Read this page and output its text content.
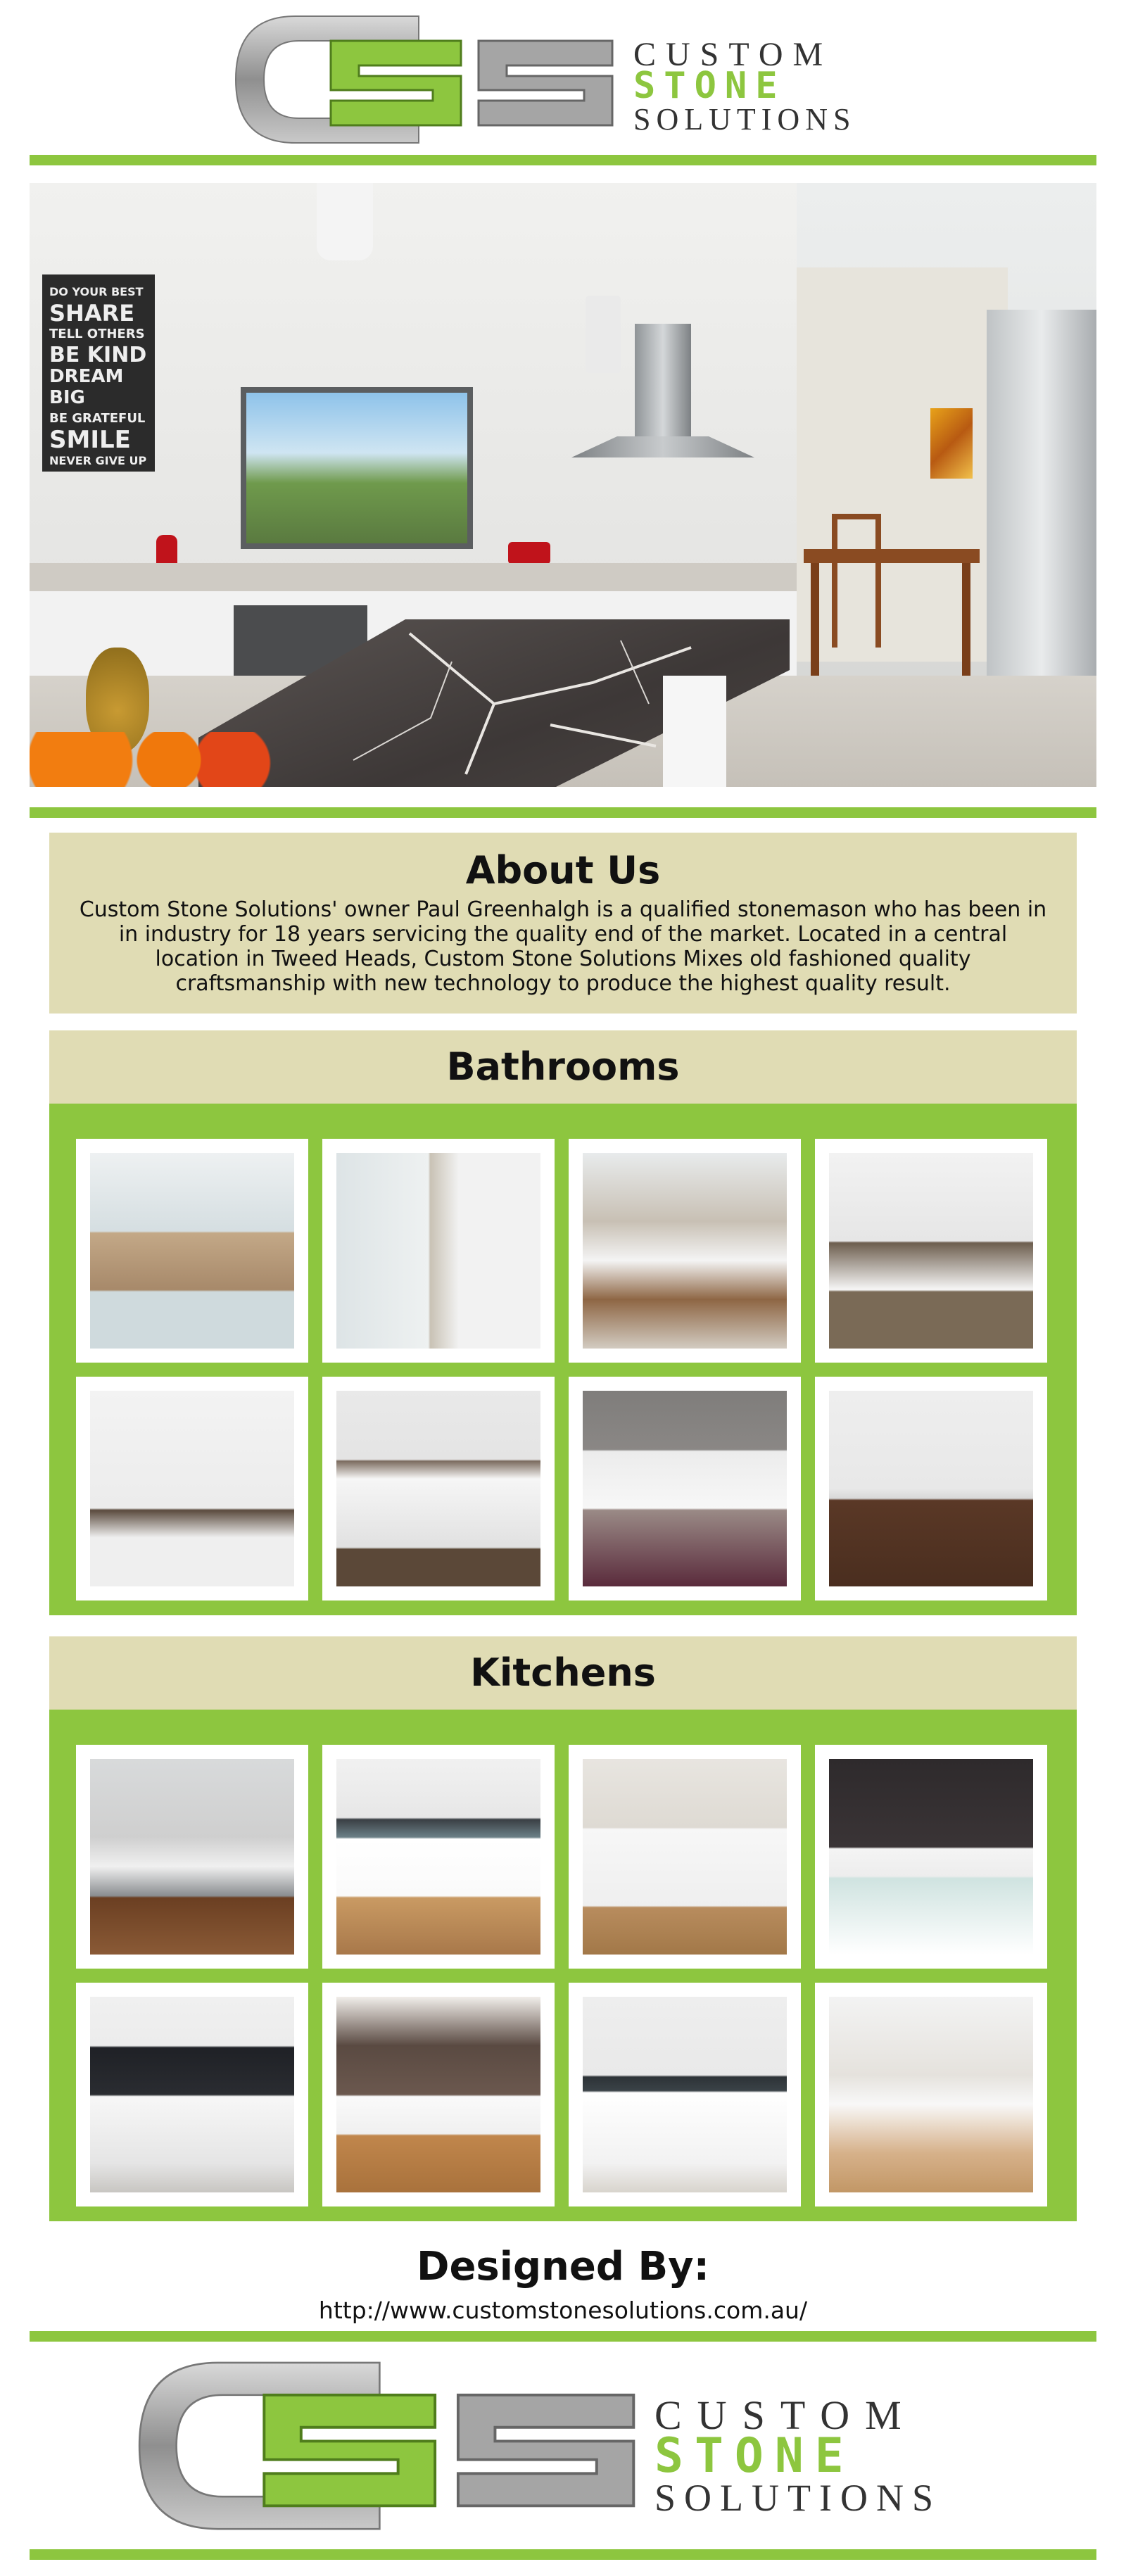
CUSTOM
STONE
SOLUTIONS
DO YOUR BEST
SHARE
TELL OTHERS
BE KIND
DREAM BIG
BE GRATEFUL
SMILE
NEVER GIVE UP
About Us

Custom Stone Solutions' owner Paul Greenhalgh is a qualified stonemason who has been in in industry for 18 years servicing the quality end of the market. Located in a central location in Tweed Heads, Custom Stone Solutions Mixes old fashioned quality craftsmanship with new technology to produce the highest quality result.

Bathrooms
Kitchens
Designed By:
http://www.customstonesolutions.com.au/
CUSTOM
STONE
SOLUTIONS
